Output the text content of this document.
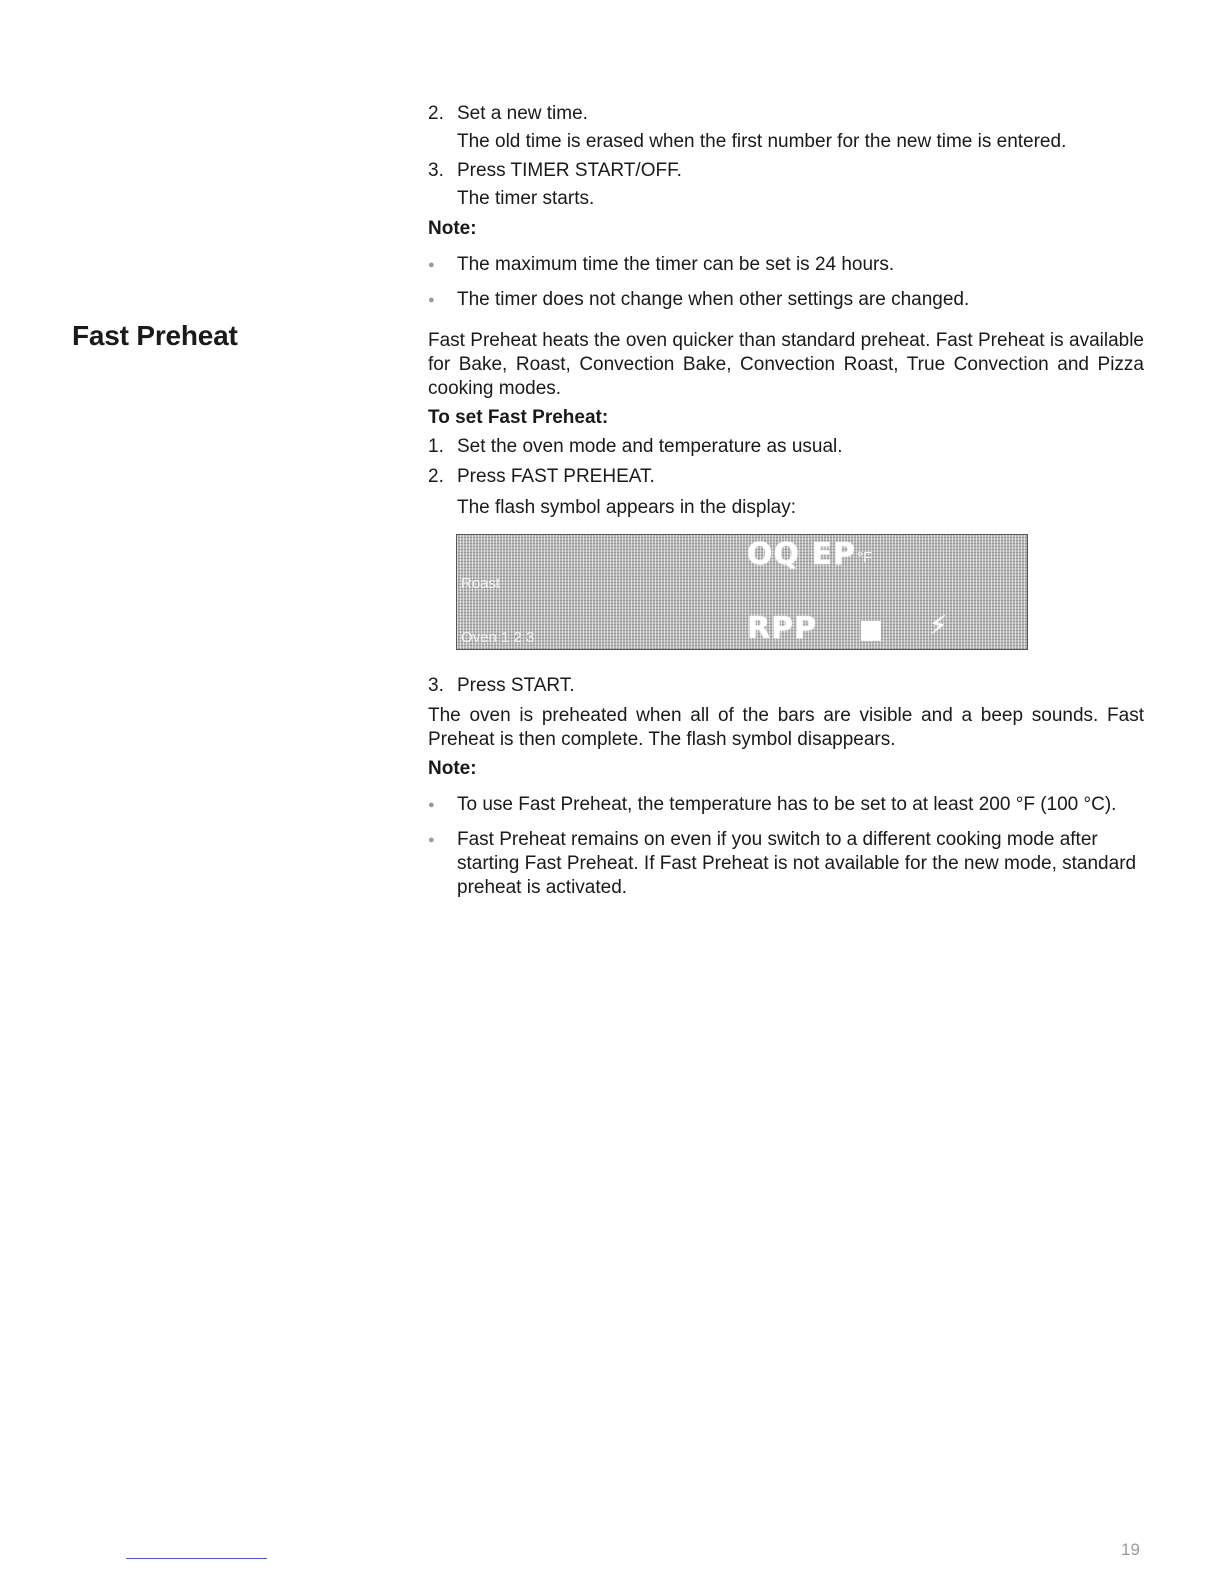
2. Set a new time.
The old time is erased when the first number for the new time is entered.
3. Press TIMER START/OFF.
The timer starts.
Note:
● The maximum time the timer can be set is 24 hours.
● The timer does not change when other settings are changed.
Fast Preheat	Fast Preheat heats the oven quicker than standard preheat. Fast Preheat is available for Bake, Roast, Convection Bake, Convection Roast, True Convection and Pizza cooking modes.
To set Fast Preheat:
1. Set the oven mode and temperature as usual.
2. Press FAST PREHEAT.
The flash symbol appears in the display:
OQ EP °F
Roast
RPP
Oven 1 2 3	⚡
3. Press START.
The oven is preheated when all of the bars are visible and a beep sounds. Fast Preheat is then complete. The flash symbol disappears.
Note:
● To use Fast Preheat, the temperature has to be set to at least 200 °F (100 °C).
● Fast Preheat remains on even if you switch to a different cooking mode after starting Fast Preheat. If Fast Preheat is not available for the new mode, standard preheat is activated.
19
